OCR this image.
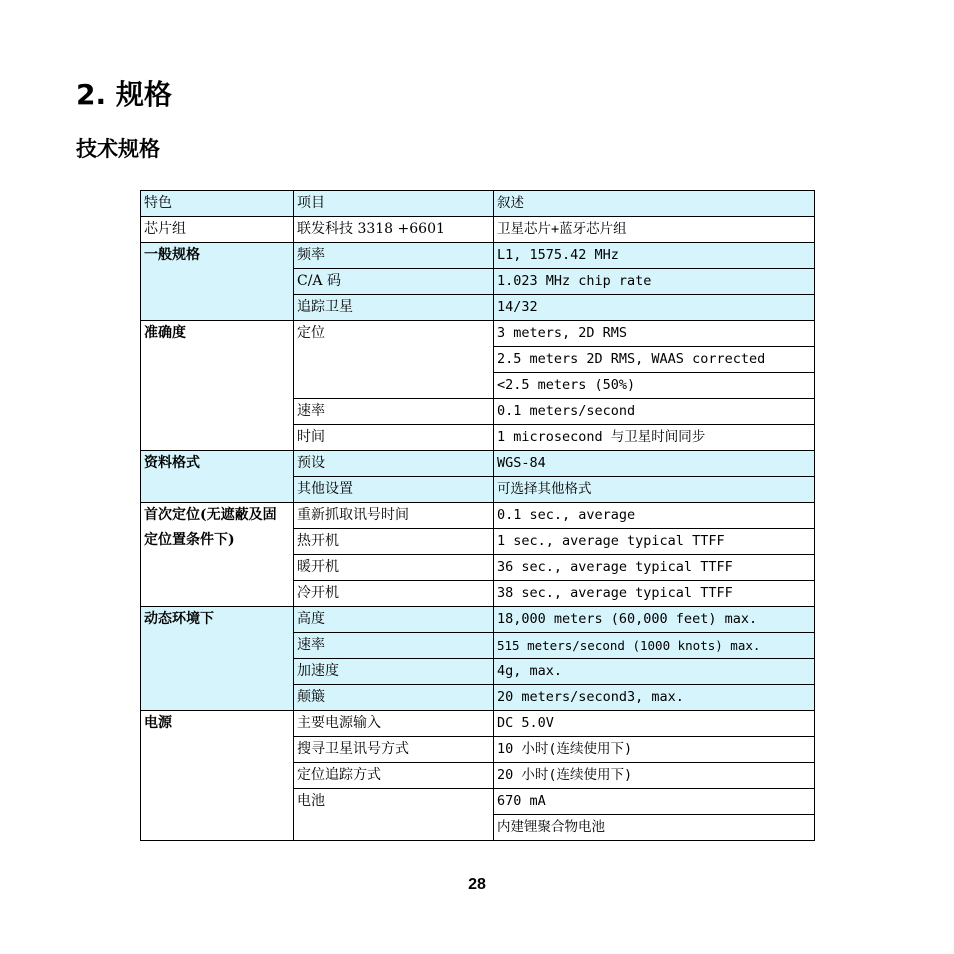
2. 规格
技术规格
特色	项目	叙述
芯片组	联发科技 3318 +6601	卫星芯片+蓝牙芯片组
一般规格	频率	L1, 1575.42 MHz
	C/A 码	1.023 MHz chip rate
	追踪卫星	14/32
准确度	定位	3 meters, 2D RMS
		2.5 meters 2D RMS, WAAS corrected
		<2.5 meters (50%)
	速率	0.1 meters/second
	时间	1 microsecond 与卫星时间同步
资料格式	预设	WGS-84
	其他设置	可选择其他格式
首次定位(无遮蔽及固定位置条件下)	重新抓取讯号时间	0.1 sec., average
	热开机	1 sec., average typical TTFF
	暖开机	36 sec., average typical TTFF
	冷开机	38 sec., average typical TTFF
动态环境下	高度	18,000 meters (60,000 feet) max.
	速率	515 meters/second (1000 knots) max.
	加速度	4g, max.
	颠簸	20 meters/second3, max.
电源	主要电源输入	DC 5.0V
	搜寻卫星讯号方式	10 小时(连续使用下)
	定位追踪方式	20 小时(连续使用下)
	电池	670 mA
		内建锂聚合物电池
28
